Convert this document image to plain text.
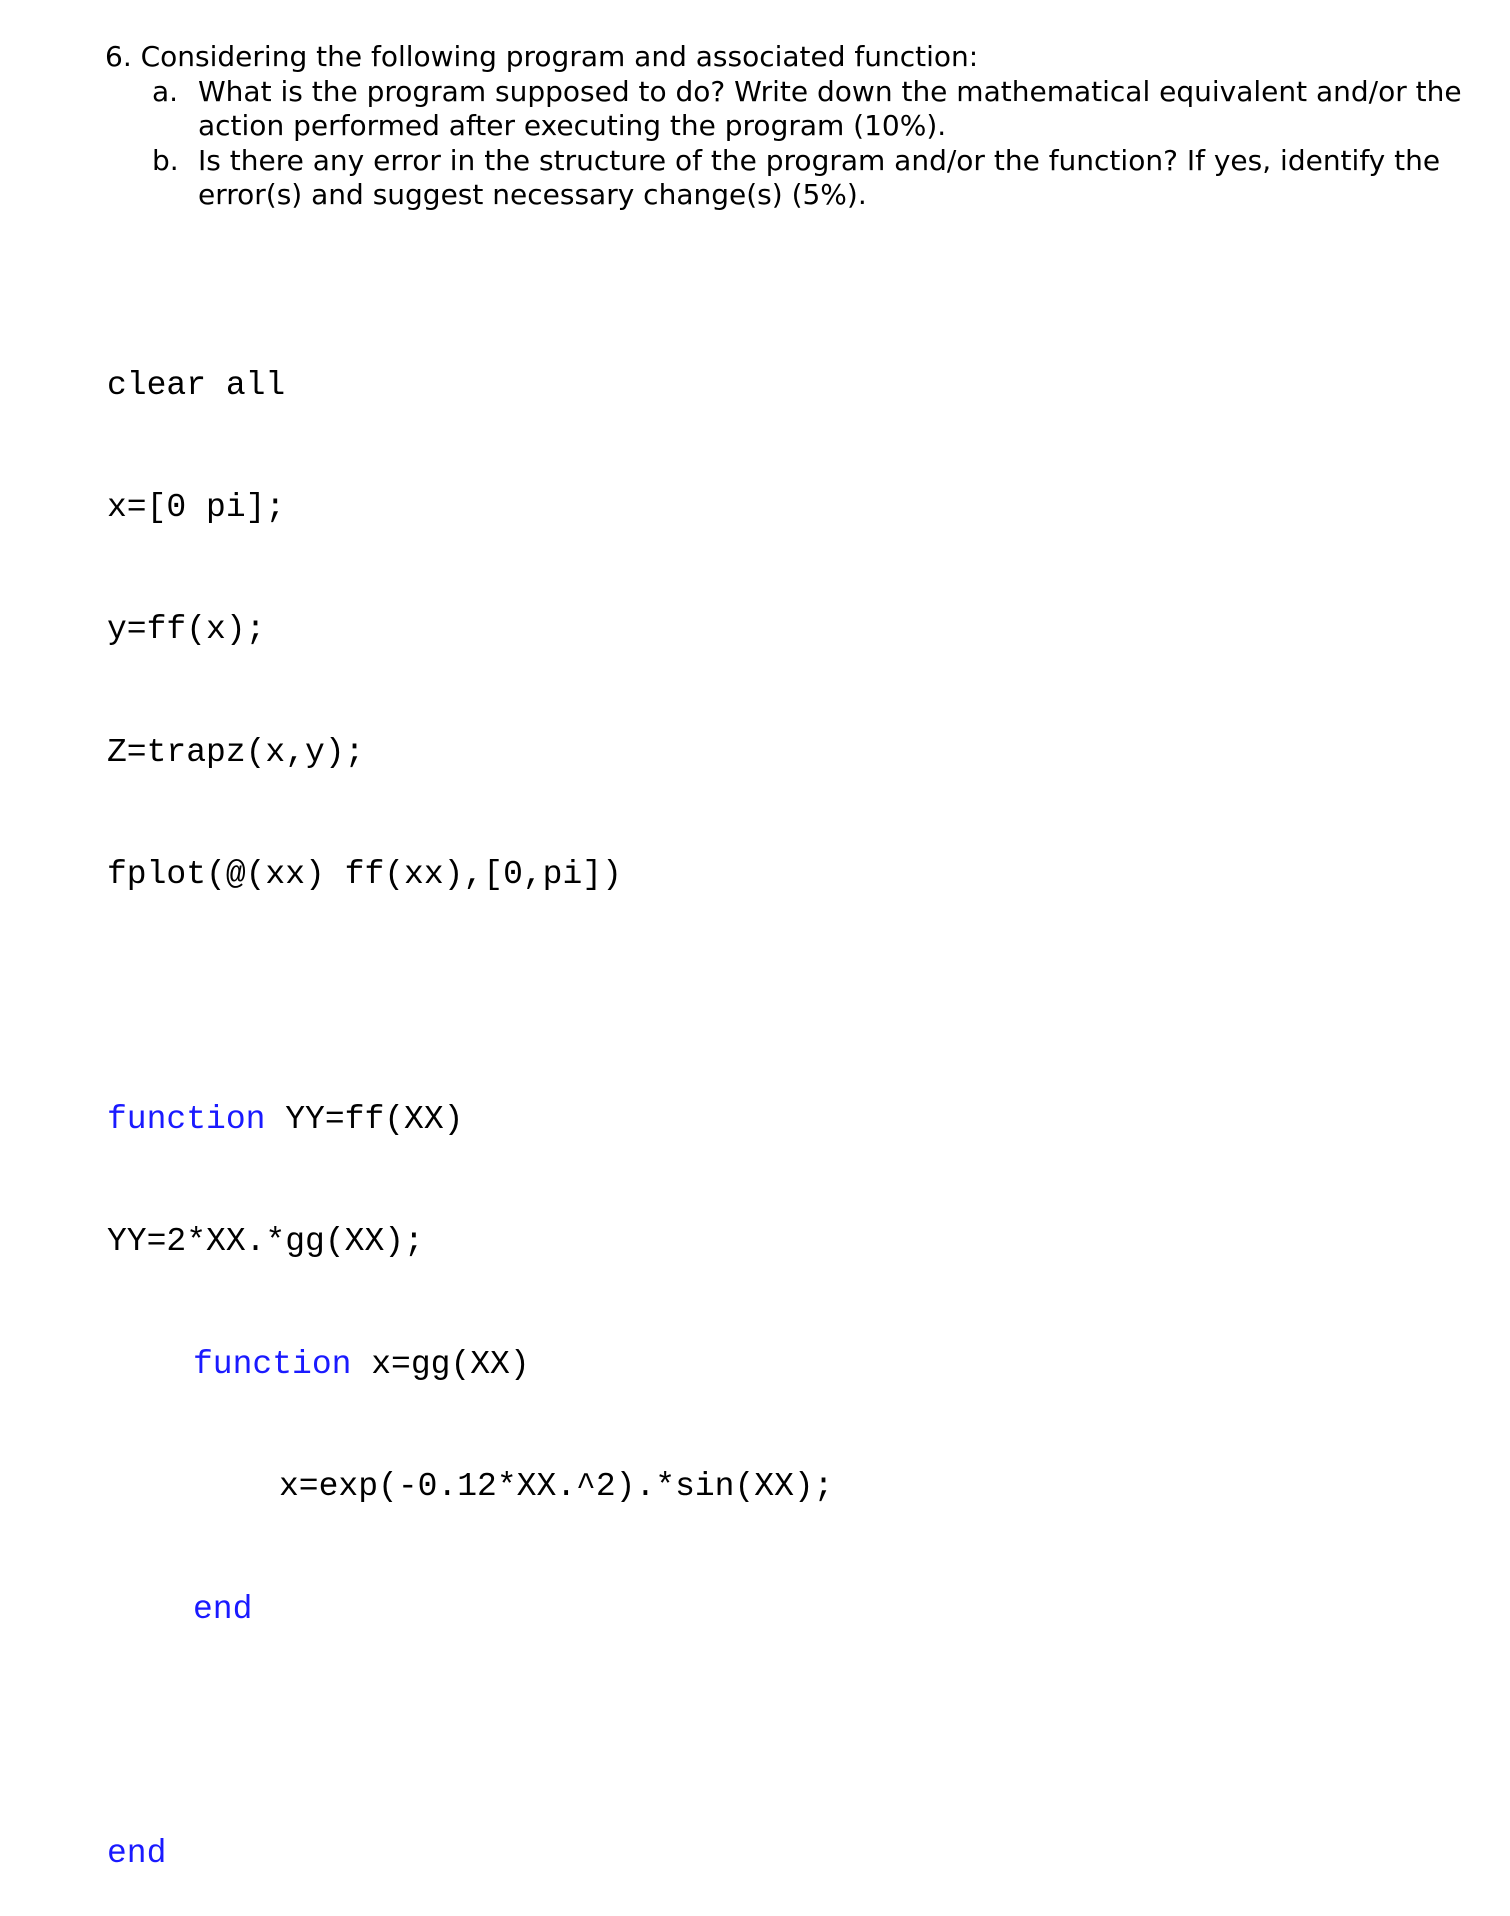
6. Considering the following program and associated function:
a. What is the program supposed to do? Write down the mathematical equivalent and/or the
action performed after executing the program (10%).
b. Is there any error in the structure of the program and/or the function? If yes, identify the
error(s) and suggest necessary change(s) (5%).

clear all

x=[0 pi];

y=ff(x);

Z=trapz(x,y);

fplot(@(xx) ff(xx),[0,pi])

function YY=ff(XX)

YY=2*XX.*gg(XX);

function x=gg(XX)

x=exp(-0.12*XX.^2).*sin(XX);

end

end
